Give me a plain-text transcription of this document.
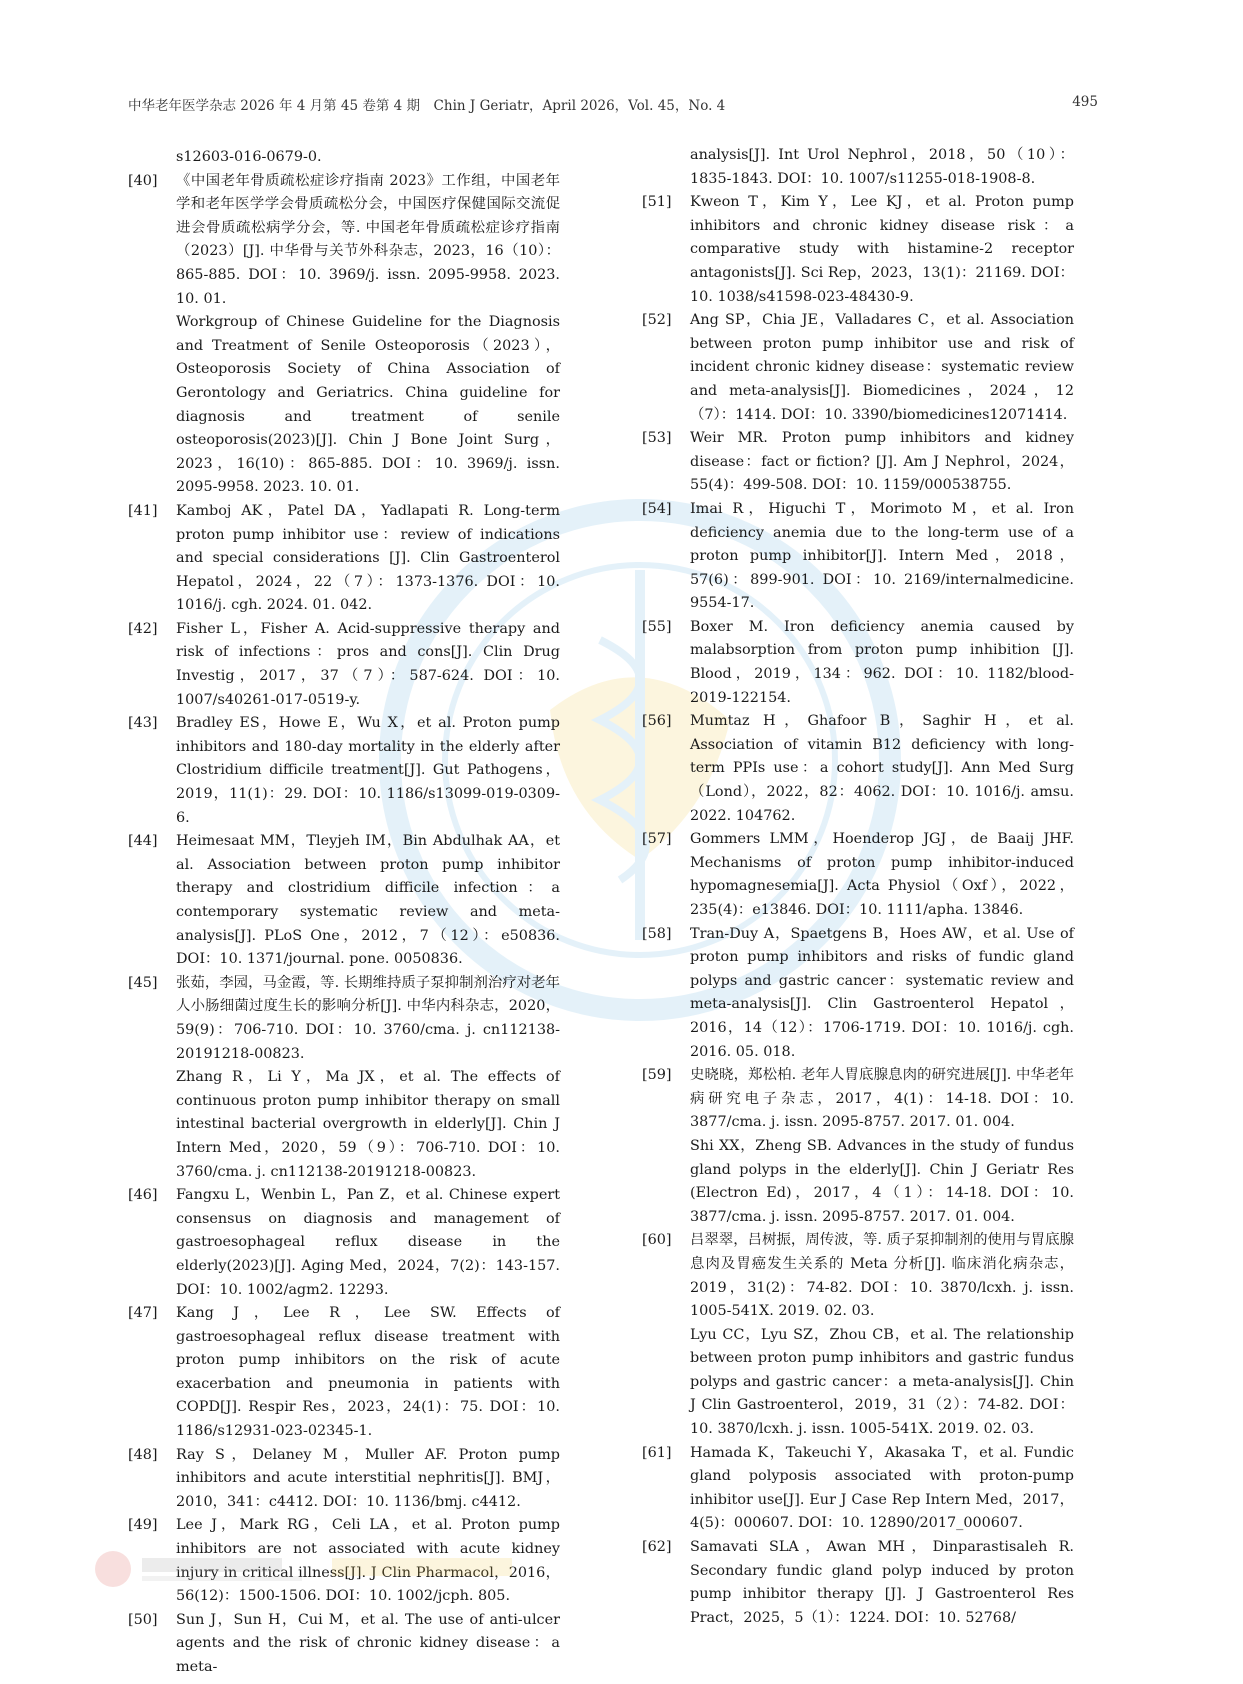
中华老年医学杂志 2026 年 4 月第 45 卷第 4 期　Chin J Geriatr，April 2026，Vol. 45，No. 4	495
s12603-016-0679-0.
[40] 《中国老年骨质疏松症诊疗指南 2023》工作组，中国老年学和老年医学学会骨质疏松分会，中国医疗保健国际交流促进会骨质疏松病学分会，等. 中国老年骨质疏松症诊疗指南（2023）[J]. 中华骨与关节外科杂志，2023，16（10）：865-885. DOI：10. 3969/j. issn. 2095-9958. 2023. 10. 01.
Workgroup of Chinese Guideline for the Diagnosis and Treatment of Senile Osteoporosis（2023），Osteoporosis Society of China Association of Gerontology and Geriatrics. China guideline for diagnosis and treatment of senile osteoporosis(2023)[J]. Chin J Bone Joint Surg，2023，16(10)：865-885. DOI：10. 3969/j. issn. 2095-9958. 2023. 10. 01.
[41] Kamboj AK，Patel DA，Yadlapati R. Long-term proton pump inhibitor use：review of indications and special considerations [J]. Clin Gastroenterol Hepatol，2024，22（7）：1373-1376. DOI：10. 1016/j. cgh. 2024. 01. 042.
[42] Fisher L，Fisher A. Acid-suppressive therapy and risk of infections：pros and cons[J]. Clin Drug Investig，2017，37（7）：587-624. DOI：10. 1007/s40261-017-0519-y.
[43] Bradley ES，Howe E，Wu X，et al. Proton pump inhibitors and 180-day mortality in the elderly after Clostridium difficile treatment[J]. Gut Pathogens，2019，11(1)：29. DOI：10. 1186/s13099-019-0309-6.
[44] Heimesaat MM，Tleyjeh IM，Bin Abdulhak AA，et al. Association between proton pump inhibitor therapy and clostridium difficile infection：a contemporary systematic review and meta-analysis[J]. PLoS One，2012，7（12）：e50836. DOI：10. 1371/journal. pone. 0050836.
[45] 张茹，李园，马金霞，等. 长期维持质子泵抑制剂治疗对老年人小肠细菌过度生长的影响分析[J]. 中华内科杂志，2020，59(9)：706-710. DOI：10. 3760/cma. j. cn112138-20191218-00823.
Zhang R，Li Y，Ma JX，et al. The effects of continuous proton pump inhibitor therapy on small intestinal bacterial overgrowth in elderly[J]. Chin J Intern Med，2020，59（9）：706-710. DOI：10. 3760/cma. j. cn112138-20191218-00823.
[46] Fangxu L，Wenbin L，Pan Z，et al. Chinese expert consensus on diagnosis and management of gastroesophageal reflux disease in the elderly(2023)[J]. Aging Med，2024，7(2)：143-157. DOI：10. 1002/agm2. 12293.
[47] Kang J，Lee R，Lee SW. Effects of gastroesophageal reflux disease treatment with proton pump inhibitors on the risk of acute exacerbation and pneumonia in patients with COPD[J]. Respir Res，2023，24(1)：75. DOI：10. 1186/s12931-023-02345-1.
[48] Ray S，Delaney M，Muller AF. Proton pump inhibitors and acute interstitial nephritis[J]. BMJ，2010，341：c4412. DOI：10. 1136/bmj. c4412.
[49] Lee J，Mark RG，Celi LA，et al. Proton pump inhibitors are not associated with acute kidney injury in critical illness[J]. J Clin Pharmacol，2016，56(12)：1500-1506. DOI：10. 1002/jcph. 805.
[50] Sun J，Sun H，Cui M，et al. The use of anti-ulcer agents and the risk of chronic kidney disease：a meta-
analysis[J]. Int Urol Nephrol，2018，50（10）：1835-1843. DOI：10. 1007/s11255-018-1908-8.
[51] Kweon T，Kim Y，Lee KJ，et al. Proton pump inhibitors and chronic kidney disease risk：a comparative study with histamine-2 receptor antagonists[J]. Sci Rep，2023，13(1)：21169. DOI：10. 1038/s41598-023-48430-9.
[52] Ang SP，Chia JE，Valladares C，et al. Association between proton pump inhibitor use and risk of incident chronic kidney disease：systematic review and meta-analysis[J]. Biomedicines，2024，12（7）：1414. DOI：10. 3390/biomedicines12071414.
[53] Weir MR. Proton pump inhibitors and kidney disease：fact or fiction? [J]. Am J Nephrol，2024，55(4)：499-508. DOI：10. 1159/000538755.
[54] Imai R，Higuchi T，Morimoto M，et al. Iron deficiency anemia due to the long-term use of a proton pump inhibitor[J]. Intern Med，2018，57(6)：899-901. DOI：10. 2169/internalmedicine. 9554-17.
[55] Boxer M. Iron deficiency anemia caused by malabsorption from proton pump inhibition [J]. Blood，2019，134：962. DOI：10. 1182/blood-2019-122154.
[56] Mumtaz H，Ghafoor B，Saghir H，et al. Association of vitamin B12 deficiency with long-term PPIs use：a cohort study[J]. Ann Med Surg（Lond），2022，82：4062. DOI：10. 1016/j. amsu. 2022. 104762.
[57] Gommers LMM，Hoenderop JGJ，de Baaij JHF. Mechanisms of proton pump inhibitor-induced hypomagnesemia[J]. Acta Physiol（Oxf），2022，235(4)：e13846. DOI：10. 1111/apha. 13846.
[58] Tran-Duy A，Spaetgens B，Hoes AW，et al. Use of proton pump inhibitors and risks of fundic gland polyps and gastric cancer：systematic review and meta-analysis[J]. Clin Gastroenterol Hepatol，2016，14（12）：1706-1719. DOI：10. 1016/j. cgh. 2016. 05. 018.
[59] 史晓晓，郑松柏. 老年人胃底腺息肉的研究进展[J]. 中华老年病研究电子杂志，2017，4(1)：14-18. DOI：10. 3877/cma. j. issn. 2095-8757. 2017. 01. 004.
Shi XX，Zheng SB. Advances in the study of fundus gland polyps in the elderly[J]. Chin J Geriatr Res (Electron Ed)，2017，4（1）：14-18. DOI：10. 3877/cma. j. issn. 2095-8757. 2017. 01. 004.
[60] 吕翠翠，吕树振，周传波，等. 质子泵抑制剂的使用与胃底腺息肉及胃癌发生关系的 Meta 分析[J]. 临床消化病杂志，2019，31(2)：74-82. DOI：10. 3870/lcxh. j. issn. 1005-541X. 2019. 02. 03.
Lyu CC，Lyu SZ，Zhou CB，et al. The relationship between proton pump inhibitors and gastric fundus polyps and gastric cancer：a meta-analysis[J]. Chin J Clin Gastroenterol，2019，31（2）：74-82. DOI：10. 3870/lcxh. j. issn. 1005-541X. 2019. 02. 03.
[61] Hamada K，Takeuchi Y，Akasaka T，et al. Fundic gland polyposis associated with proton-pump inhibitor use[J]. Eur J Case Rep Intern Med，2017，4(5)：000607. DOI：10. 12890/2017_000607.
[62] Samavati SLA，Awan MH，Dinparastisaleh R. Secondary fundic gland polyp induced by proton pump inhibitor therapy [J]. J Gastroenterol Res Pract，2025，5（1）：1224. DOI：10. 52768/
